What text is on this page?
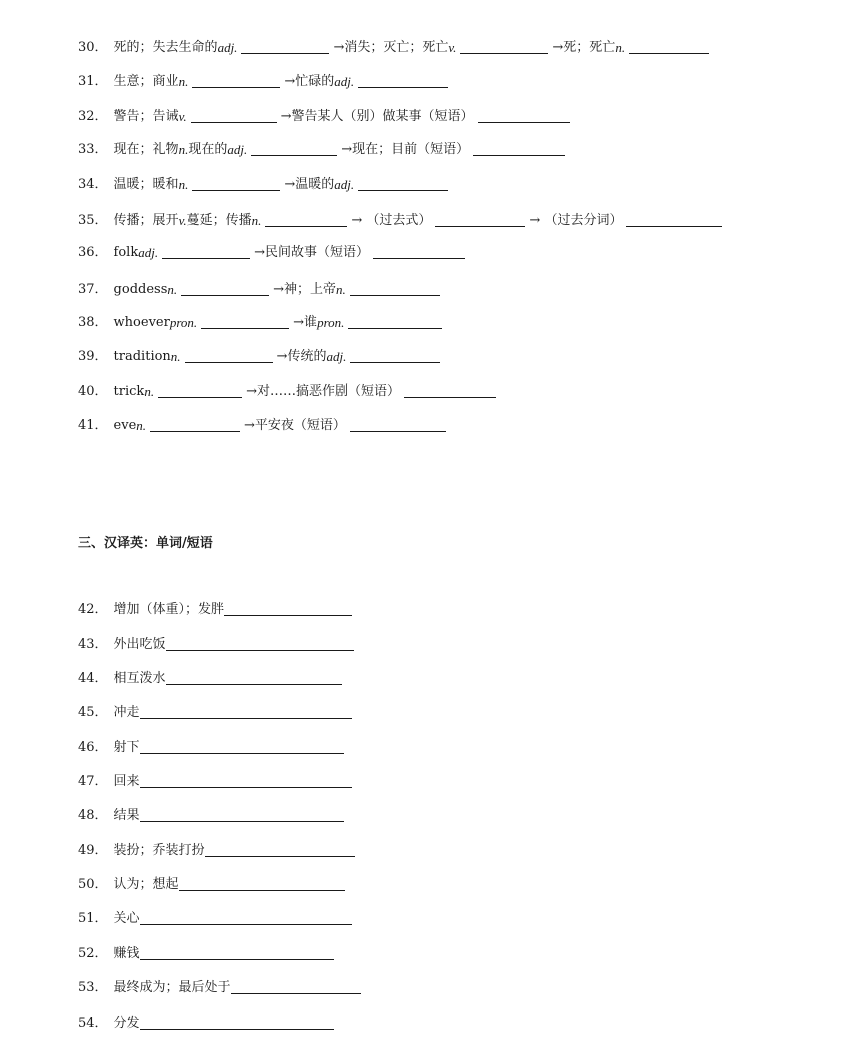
30． 死的；失去生命的 adj.	→消失；灭亡；死亡 v.	→死；死亡 n.
31． 生意；商业 n.	→忙碌的 adj.
32． 警告；告诫 v.	→警告某人（别）做某事（短语）
33． 现在；礼物 n. 现在的 adj.	→现在；目前（短语）
34． 温暖；暖和 n.	→温暖的 adj.
35． 传播；展开 v. 蔓延；传播 n.	→ （过去式）	→ （过去分词）
36． folk adj.	→民间故事（短语）
37． goddess n.	→神；上帝 n.
38． whoever pron.	→谁 pron.
39． tradition n.	→传统的 adj.
40． trick n.	→对……搞恶作剧（短语）
41． eve n.	→平安夜（短语）
三、汉译英：单词/短语
42． 增加（体重）；发胖
43． 外出吃饭
44． 相互泼水
45． 冲走
46． 射下
47． 回来
48． 结果
49． 装扮；乔装打扮
50． 认为；想起
51． 关心
52． 赚钱
53． 最终成为；最后处于
54． 分发
